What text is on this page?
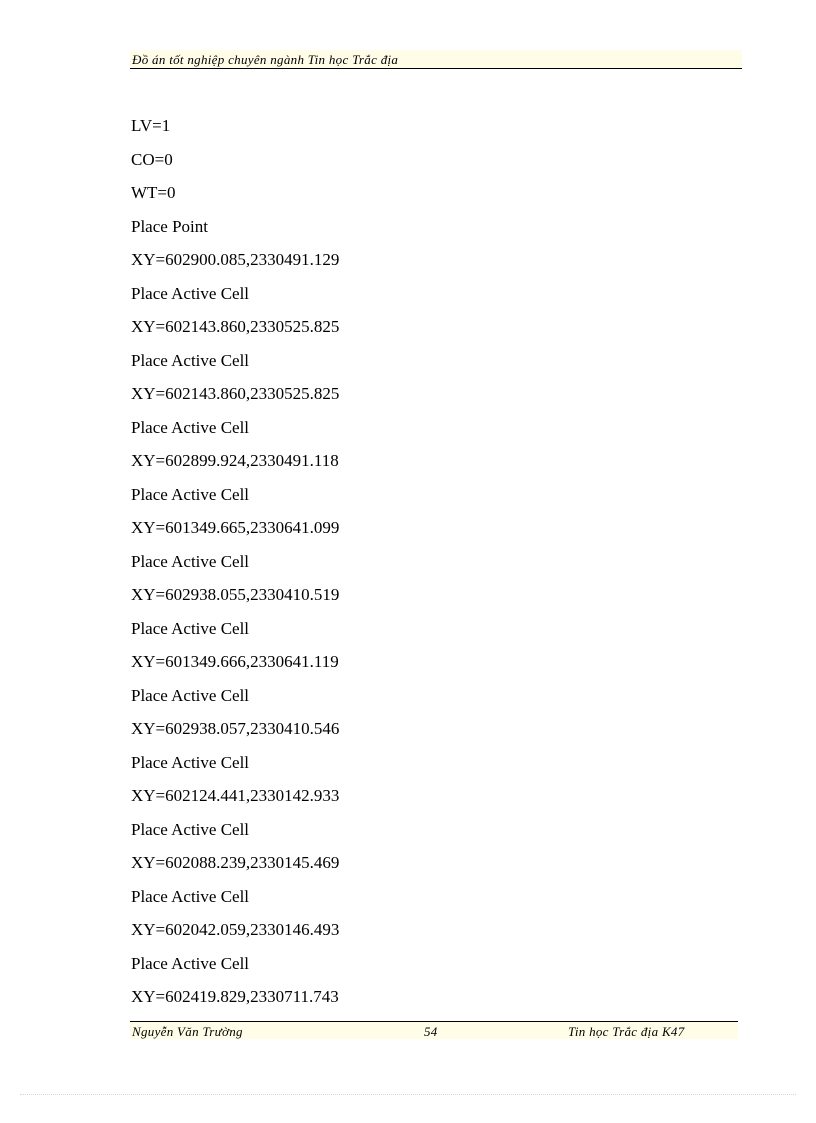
Đồ án tốt nghiệp chuyên ngành Tin học Trắc địa
LV=1
CO=0
WT=0
Place Point
XY=602900.085,2330491.129
Place Active Cell
XY=602143.860,2330525.825
Place Active Cell
XY=602143.860,2330525.825
Place Active Cell
XY=602899.924,2330491.118
Place Active Cell
XY=601349.665,2330641.099
Place Active Cell
XY=602938.055,2330410.519
Place Active Cell
XY=601349.666,2330641.119
Place Active Cell
XY=602938.057,2330410.546
Place Active Cell
XY=602124.441,2330142.933
Place Active Cell
XY=602088.239,2330145.469
Place Active Cell
XY=602042.059,2330146.493
Place Active Cell
XY=602419.829,2330711.743
Nguyễn Văn Trường	54	Tin học Trắc địa K47
